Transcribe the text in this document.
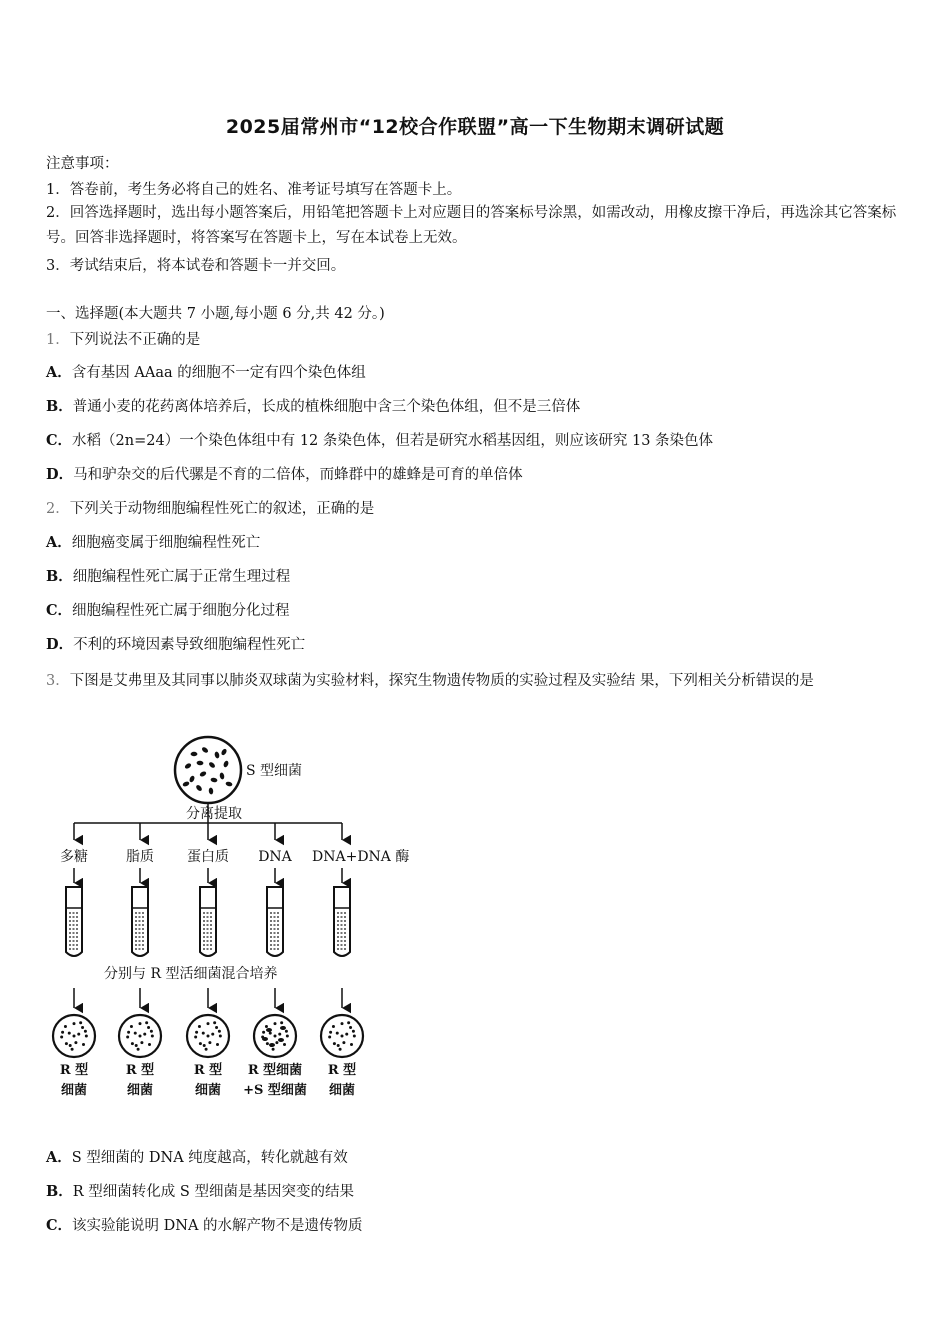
2025届常州市“12校合作联盟”高一下生物期末调研试题
注意事项：
1．答卷前，考生务必将自己的姓名、准考证号填写在答题卡上。
2．回答选择题时，选出每小题答案后，用铅笔把答题卡上对应题目的答案标号涂黑，如需改动，用橡皮擦干净后，再选涂其它答案标号。回答非选择题时，将答案写在答题卡上，写在本试卷上无效。
3．考试结束后，将本试卷和答题卡一并交回。
一、选择题(本大题共 7 小题,每小题 6 分,共 42 分。)
1．下列说法不正确的是
A．含有基因 AAaa 的细胞不一定有四个染色体组
B．普通小麦的花药离体培养后，长成的植株细胞中含三个染色体组，但不是三倍体
C．水稻（2n=24）一个染色体组中有 12 条染色体，但若是研究水稻基因组，则应该研究 13 条染色体
D．马和驴杂交的后代骡是不育的二倍体，而蜂群中的雄蜂是可育的单倍体
2．下列关于动物细胞编程性死亡的叙述，正确的是
A．细胞癌变属于细胞编程性死亡
B．细胞编程性死亡属于正常生理过程
C．细胞编程性死亡属于细胞分化过程
D．不利的环境因素导致细胞编程性死亡
3．下图是艾弗里及其同事以肺炎双球菌为实验材料，探究生物遗传物质的实验过程及实验结 果，下列相关分析错误的是
S 型细菌
分离提取
多糖
R 型
细菌
脂质
R 型
细菌
蛋白质
R 型
细菌
DNA
R 型细菌
+S 型细菌
DNA+DNA 酶
R 型
细菌
分别与 R 型活细菌混合培养
A．S 型细菌的 DNA 纯度越高，转化就越有效
B．R 型细菌转化成 S 型细菌是基因突变的结果
C．该实验能说明 DNA 的水解产物不是遗传物质
